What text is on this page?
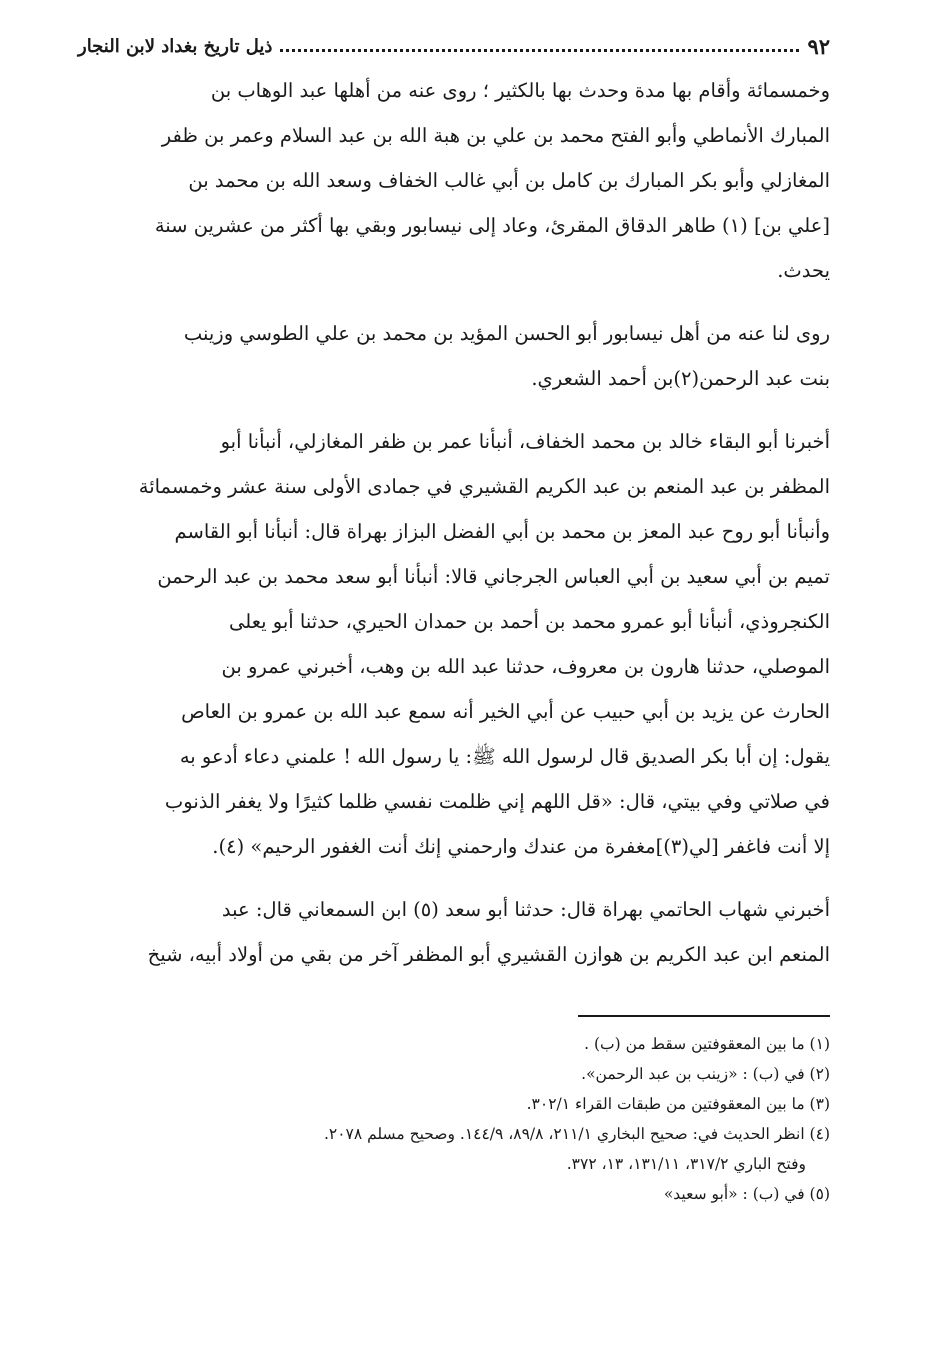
٩٢
ذيل تاريخ بغداد لابن النجار

وخمسمائة وأقام بها مدة وحدث بها بالكثير ؛ روى عنه من أهلها عبد الوهاب بن

المبارك الأنماطي وأبو الفتح محمد بن علي بن هبة الله بن عبد السلام وعمر بن ظفر

المغازلي وأبو بكر المبارك بن كامل بن أبي غالب الخفاف وسعد الله بن محمد بن

[علي بن] (١) طاهر الدقاق المقرئ، وعاد إلى نيسابور وبقي بها أكثر من عشرين سنة

يحدث.

روى لنا عنه من أهل نيسابور أبو الحسن المؤيد بن محمد بن علي الطوسي وزينب

بنت عبد الرحمن(٢)بن أحمد الشعري.

أخبرنا أبو البقاء خالد بن محمد الخفاف، أنبأنا عمر بن ظفر المغازلي، أنبأنا أبو

المظفر بن عبد المنعم بن عبد الكريم القشيري في جمادى الأولى سنة عشر وخمسمائة

وأنبأنا أبو روح عبد المعز بن محمد بن أبي الفضل البزاز بهراة قال: أنبأنا أبو القاسم

تميم بن أبي سعيد بن أبي العباس الجرجاني قالا: أنبأنا أبو سعد محمد بن عبد الرحمن

الكنجروذي، أنبأنا أبو عمرو محمد بن أحمد بن حمدان الحيري، حدثنا أبو يعلى

الموصلي، حدثنا هارون بن معروف، حدثنا عبد الله بن وهب، أخبرني عمرو بن

الحارث عن يزيد بن أبي حبيب عن أبي الخير أنه سمع عبد الله بن عمرو بن العاص

يقول: إن أبا بكر الصديق قال لرسول الله ﷺ: يا رسول الله ! علمني دعاء أدعو به

في صلاتي وفي بيتي، قال: «قل اللهم إني ظلمت نفسي ظلما كثيرًا ولا يغفر الذنوب

إلا أنت فاغفر [لي(٣)]مغفرة من عندك وارحمني إنك أنت الغفور الرحيم» (٤).

أخبرني شهاب الحاتمي بهراة قال: حدثنا أبو سعد (٥) ابن السمعاني قال: عبد

المنعم ابن عبد الكريم بن هوازن القشيري أبو المظفر آخر من بقي من أولاد أبيه، شيخ

(١) ما بين المعقوفتين سقط من (ب) .

(٢) في (ب) : «زينب بن عبد الرحمن».

(٣) ما بين المعقوفتين من طبقات القراء ٣٠٢/١.

(٤) انظر الحديث في: صحيح البخاري ٢١١/١، ٨٩/٨، ١٤٤/٩. وصحيح مسلم ٢٠٧٨.

وفتح الباري ٣١٧/٢، ١٣١/١١، ١٣، ٣٧٢.

(٥) في (ب) : «أبو سعيد»
